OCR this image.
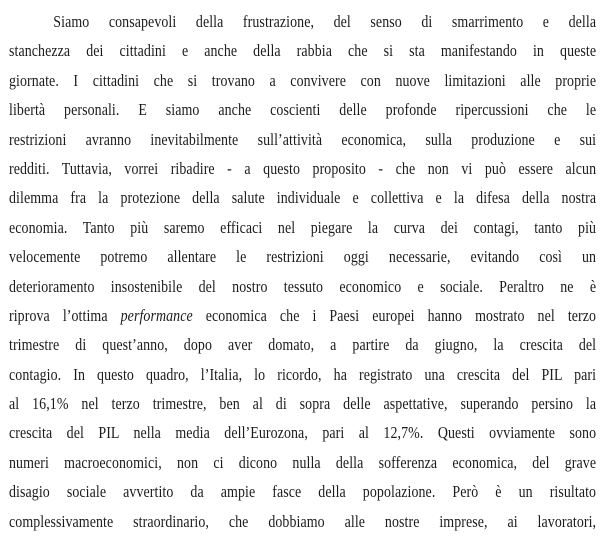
Siamo consapevoli della frustrazione, del senso di smarrimento e della
stanchezza dei cittadini e anche della rabbia che si sta manifestando in queste
giornate. I cittadini che si trovano a convivere con nuove limitazioni alle proprie
libertà personali. E siamo anche coscienti delle profonde ripercussioni che le
restrizioni avranno inevitabilmente sull’attività economica, sulla produzione e sui
redditi. Tuttavia, vorrei ribadire - a questo proposito - che non vi può essere alcun
dilemma fra la protezione della salute individuale e collettiva e la difesa della nostra
economia. Tanto più saremo efficaci nel piegare la curva dei contagi, tanto più
velocemente potremo allentare le restrizioni oggi necessarie, evitando così un
deterioramento insostenibile del nostro tessuto economico e sociale. Peraltro ne è
riprova l’ottima performance economica che i Paesi europei hanno mostrato nel terzo
trimestre di quest’anno, dopo aver domato, a partire da giugno, la crescita del
contagio. In questo quadro, l’Italia, lo ricordo, ha registrato una crescita del PIL pari
al 16,1% nel terzo trimestre, ben al di sopra delle aspettative, superando persino la
crescita del PIL nella media dell’Eurozona, pari al 12,7%. Questi ovviamente sono
numeri macroeconomici, non ci dicono nulla della sofferenza economica, del grave
disagio sociale avvertito da ampie fasce della popolazione. Però è un risultato
complessivamente straordinario, che dobbiamo alle nostre imprese, ai lavoratori,
